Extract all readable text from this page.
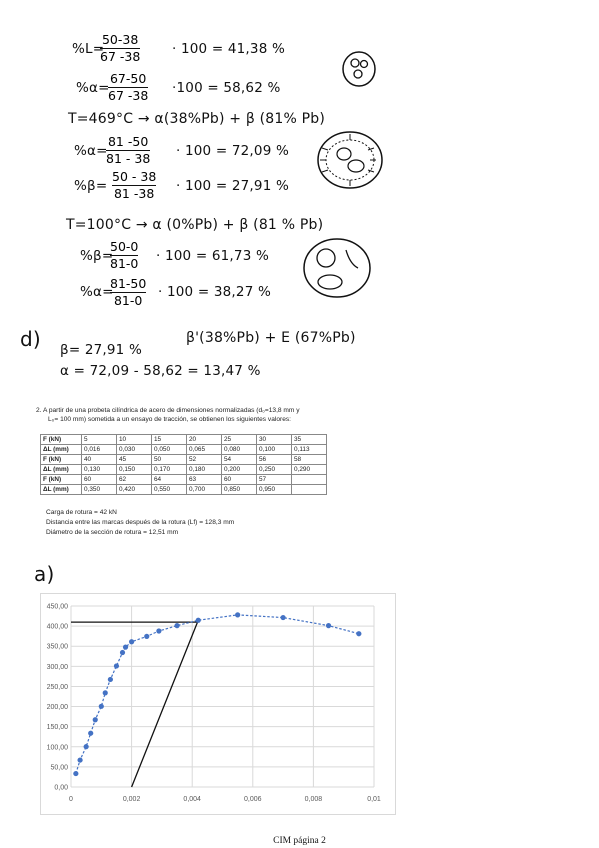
%L=
50-38
67 -38 · 100 = 41,38 %
%α=
67-50
67 -38 ·100 = 58,62 %
T=469°C → α(38%Pb) + β (81% Pb)
%α=
81 -50
81 - 38 · 100 = 72,09 %
%β=
50 - 38
81 -38 · 100 = 27,91 %
T=100°C → α (0%Pb) + β (81 % Pb)
%β=
50-0
81-0 · 100 = 61,73 %
%α=
81-50
81-0
· 100 = 38,27 %
d) β= 27,91 %
β'(38%Pb) + E (67%Pb)
α = 72,09 - 58,62 = 13,47 %
2. A partir de una probeta cilíndrica de acero de dimensiones normalizadas (d₀=13,8 mm y
L₀= 100 mm) sometida a un ensayo de tracción, se obtienen los siguientes valores:
F (kN)	5	10	15	20	25	30	35
ΔL (mm)	0,016	0,030	0,050	0,065	0,080	0,100	0,113
F (kN)	40	45	50	52	54	56	58
ΔL (mm)	0,130	0,150	0,170	0,180	0,200	0,250	0,290
F (kN)	60	62	64	63	60	57	
ΔL (mm)	0,350	0,420	0,550	0,700	0,850	0,950	
Carga de rotura = 42 kN
Distancia entre las marcas después de la rotura (Lf) = 128,3 mm
Diámetro de la sección de rotura = 12,51 mm
a)
0,00
50,00
100,00
150,00
200,00
250,00
300,00
350,00
400,00
450,00
0	0,002	0,004	0,006	0,008	0,01
CIM página 2
